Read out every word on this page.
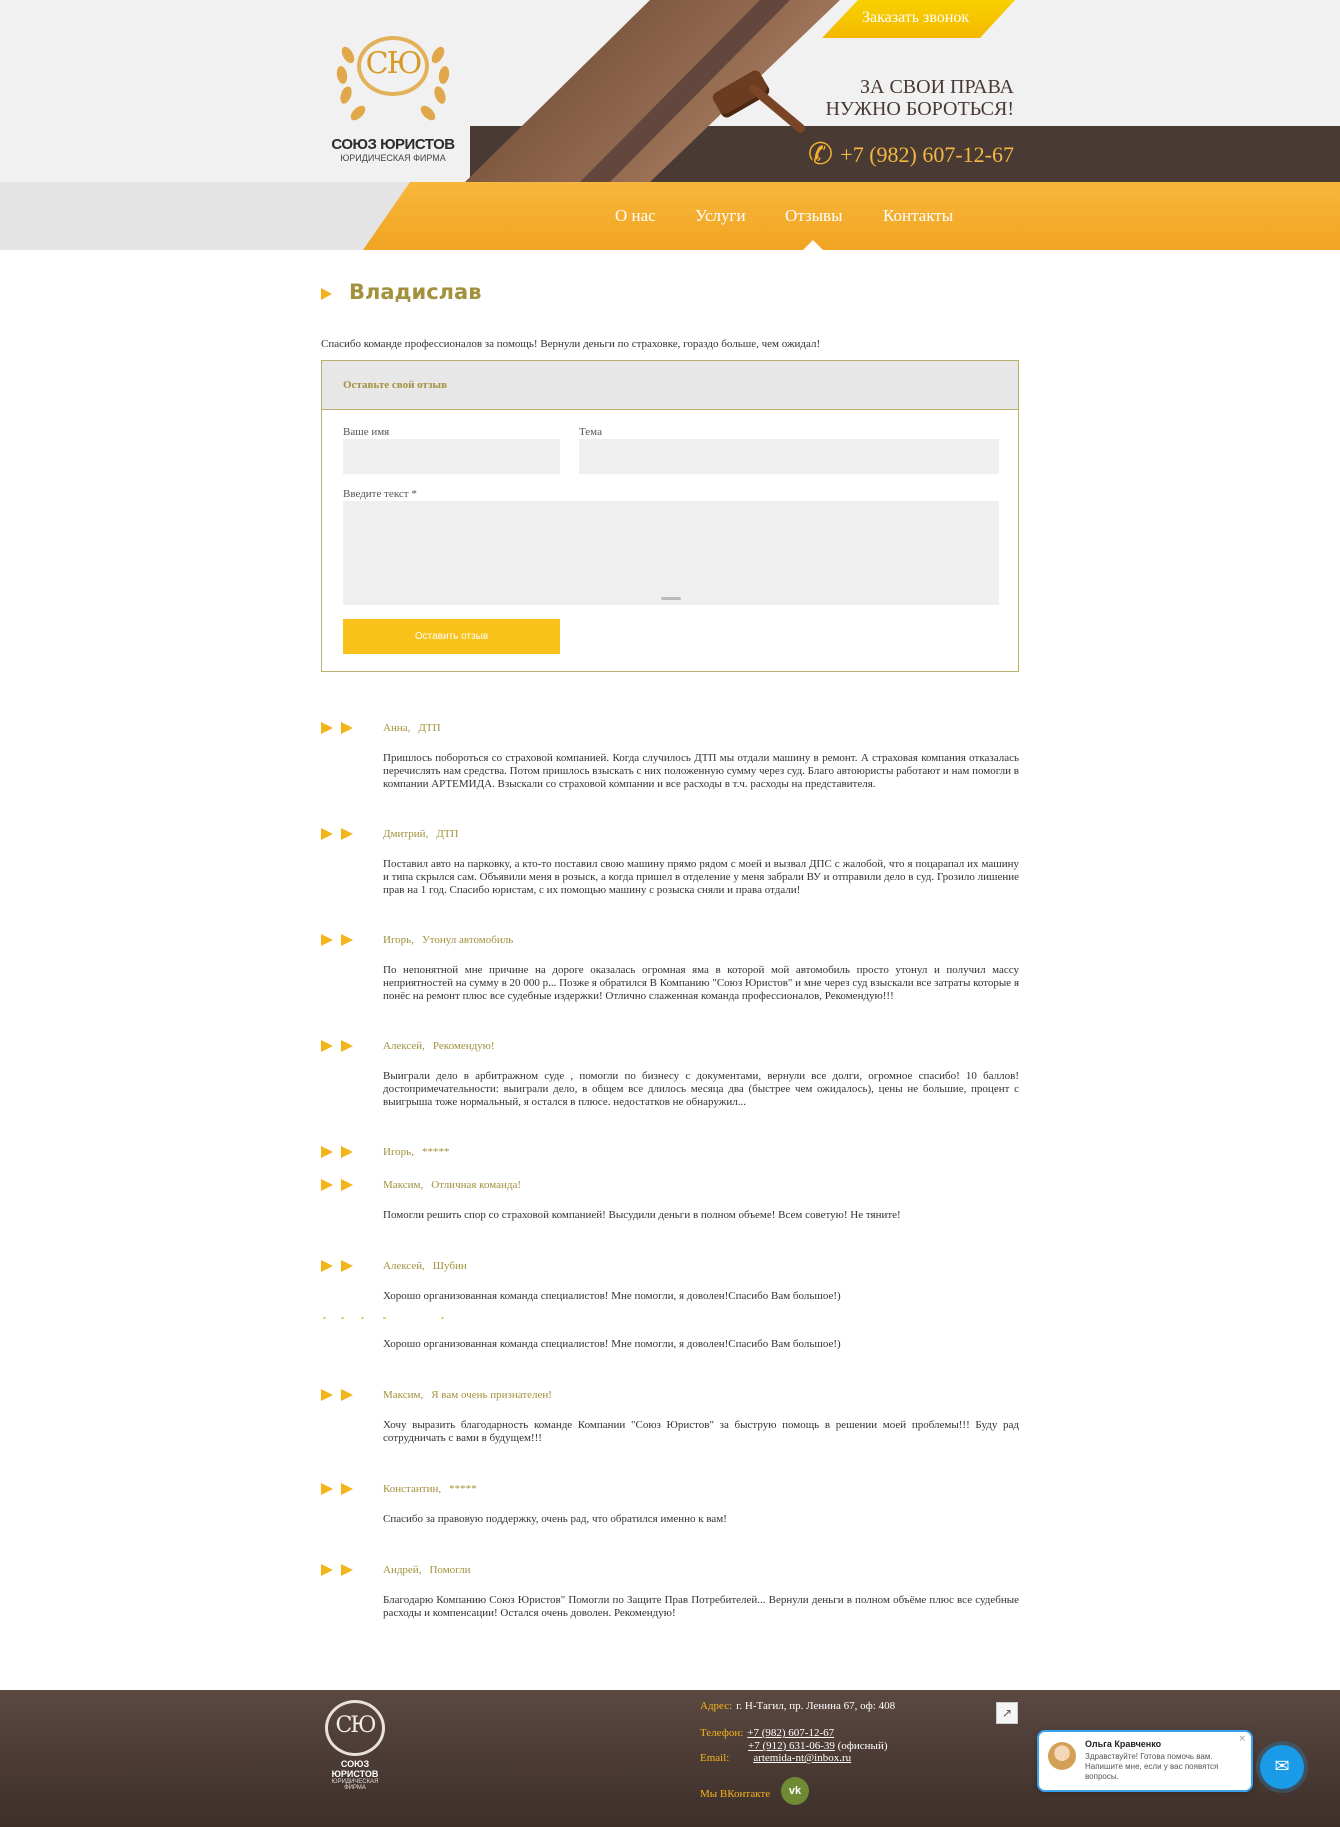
СЮ
СОЮЗ ЮРИСТОВ
ЮРИДИЧЕСКАЯ ФИРМА
Заказать звонок
ЗА СВОИ ПРАВА
НУЖНО БОРОТЬСЯ!
✆ +7 (982) 607-12-67
О нас Услуги Отзывы Контакты
Владислав

Спасибо команде профессионалов за помощь! Вернули деньги по страховке, гораздо больше, чем ожидал!

Оставьте свой отзыв
Ваше имя	Тема
Введите текст *
Оставить отзыв
Анна, ДТП
Пришлось побороться со страховой компанией. Когда случилось ДТП мы отдали машину в ремонт. А страховая компания отказалась перечислять нам средства. Потом пришлось взыскать с них положенную сумму через суд. Благо автоюристы работают и нам помогли в компании АРТЕМИДА. Взыскали со страховой компании и все расходы в т.ч. расходы на представителя.
Дмитрий, ДТП
Поставил авто на парковку, а кто-то поставил свою машину прямо рядом с моей и вызвал ДПС с жалобой, что я поцарапал их машину и типа скрылся сам. Объявили меня в розыск, а когда пришел в отделение у меня забрали ВУ и отправили дело в суд. Грозило лишение прав на 1 год. Спасибо юристам, с их помощью машину с розыска сняли и права отдали!
Игорь, Утонул автомобиль
По непонятной мне причине на дороге оказалась огромная яма в которой мой автомобиль просто утонул и получил массу неприятностей на сумму в 20 000 р... Позже я обратился В Компанию "Союз Юристов" и мне через суд взыскали все затраты которые я понёс на ремонт плюс все судебные издержки! Отлично слаженная команда профессионалов, Рекомендую!!!
Алексей, Рекомендую!
Выиграли дело в арбитражном суде , помогли по бизнесу с документами, вернули все долги, огромное спасибо! 10 баллов! достопримечательности: выиграли дело, в общем все длилось месяца два (быстрее чем ожидалось), цены не большие, процент с выигрыша тоже нормальный, я остался в плюсе. недостатков не обнаружил...
Игорь, *****
Максим, Отличная команда!
Помогли решить спор со страховой компанией! Высудили деньги в полном объеме! Всем советую! Не тяните!
Алексей, Шубин
Хорошо организованная команда специалистов! Мне помогли, я доволен!Спасибо Вам большое!)
Хорошо организованная команда специалистов! Мне помогли, я доволен!Спасибо Вам большое!)
Максим, Я вам очень признателен!
Хочу выразить благодарность команде Компании "Союз Юристов" за быструю помощь в решении моей проблемы!!! Буду рад сотрудничать с вами в будущем!!!
Константин, *****
Спасибо за правовую поддержку, очень рад, что обратился именно к вам!
Андрей, Помогли
Благодарю Компанию Союз Юристов" Помогли по Защите Прав Потребителей... Вернули деньги в полном объёме плюс все судебные расходы и компенсации! Остался очень доволен. Рекомендую!
СЮ
СОЮЗ ЮРИСТОВ
ЮРИДИЧЕСКАЯ ФИРМА
Адрес: г. Н-Тагил, пр. Ленина 67, оф: 408
Телефон: +7 (982) 607-12-67
+7 (912) 631-06-39 (офисный)
Email: artemida-nt@inbox.ru
Мы ВКонтакте	vk
↗
Ольга Кравченко
Здравствуйте! Готова помочь вам. Напишите мне, если у вас появятся вопросы.
×
✉
